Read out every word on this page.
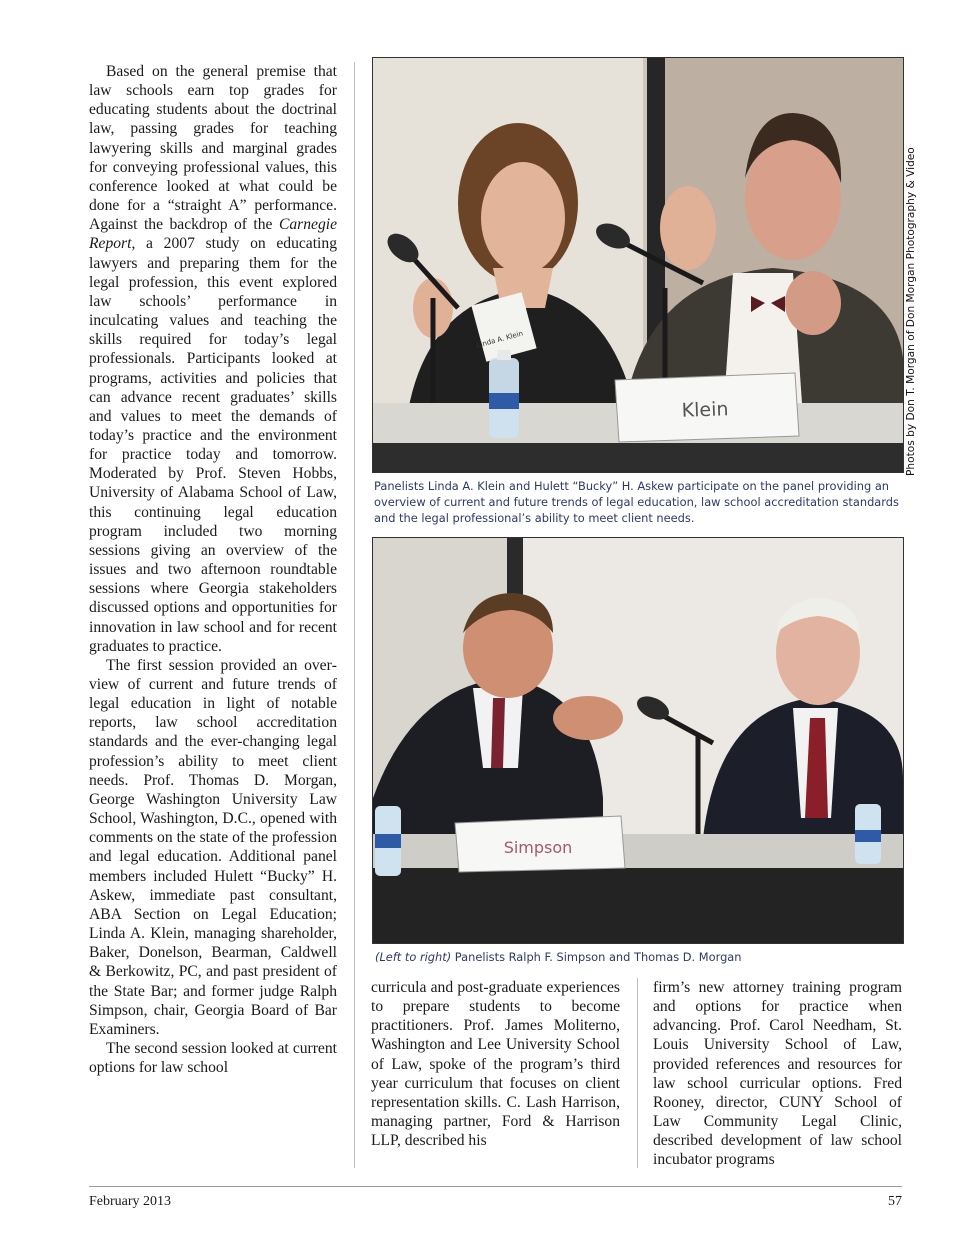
Based on the general premise that law schools earn top grades for educating students about the doctrinal law, passing grades for teaching lawyering skills and marginal grades for conveying professional values, this conference looked at what could be done for a “straight A” performance. Against the backdrop of the Carnegie Report, a 2007 study on educating lawyers and preparing them for the legal profession, this event explored law schools’ performance in inculcating values and teaching the skills required for today’s legal professionals. Participants looked at programs, activities and policies that can advance recent graduates’ skills and values to meet the demands of today’s practice and the environment for practice today and tomorrow. Moderated by Prof. Steven Hobbs, University of Alabama School of Law, this continuing legal education program included two morning sessions giving an overview of the issues and two afternoon roundtable sessions where Georgia stakeholders discussed options and opportunities for innovation in law school and for recent graduates to practice.

The first session provided an overview of current and future trends of legal education in light of notable reports, law school accreditation standards and the ever-changing legal profession’s ability to meet client needs. Prof. Thomas D. Morgan, George Washington University Law School, Washington, D.C., opened with comments on the state of the profession and legal education. Additional panel members included Hulett “Bucky” H. Askew, immediate past consultant, ABA Section on Legal Education; Linda A. Klein, managing shareholder, Baker, Donelson, Bearman, Caldwell & Berkowitz, PC, and past president of the State Bar; and former judge Ralph Simpson, chair, Georgia Board of Bar Examiners.

The second session looked at current options for law school

Linda A. Klein
Klein	Photos by Don T. Morgan of Don Morgan Photography & Video
Panelists Linda A. Klein and Hulett “Bucky” H. Askew participate on the panel providing an overview of current and future trends of legal education, law school accreditation standards and the legal professional’s ability to meet client needs.
Simpson
(Left to right) Panelists Ralph F. Simpson and Thomas D. Morgan

curricula and post-graduate experiences to prepare students to become practitioners. Prof. James Moliterno, Washington and Lee University School of Law, spoke of the program’s third year curriculum that focuses on client representation skills. C. Lash Harrison, managing partner, Ford & Harrison LLP, described his

firm’s new attorney training program and options for practice when advancing. Prof. Carol Needham, St. Louis University School of Law, provided references and resources for law school curricular options. Fred Rooney, director, CUNY School of Law Community Legal Clinic, described development of law school incubator programs

February 2013	57
